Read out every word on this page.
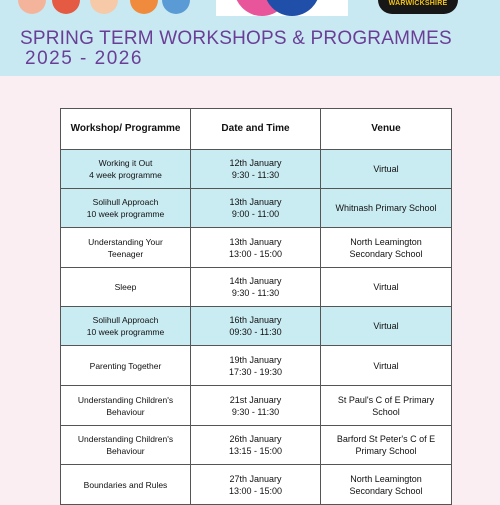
WARWICKSHIRE
SPRING TERM WORKSHOPS & PROGRAMMES
2025 - 2026
Workshop/ Programme	Date and Time	Venue

Working it Out
4 week programme	12th January
9:30 - 11:30	Virtual

Solihull Approach
10 week programme	13th January
9:00 - 11:00	Whitnash Primary School

Understanding Your
Teenager	13th January
13:00 - 15:00	North Leamington
Secondary School

Sleep	14th January
9:30 - 11:30	Virtual

Solihull Approach
10 week programme	16th January
09:30 - 11:30	Virtual

Parenting Together	19th January
17:30 - 19:30	Virtual

Understanding Children's
Behaviour	21st January
9:30 - 11:30	St Paul's C of E Primary
School

Understanding Children's
Behaviour	26th January
13:15 - 15:00	Barford St Peter's C of E
Primary School

Boundaries and Rules	27th January
13:00 - 15:00	North Leamington
Secondary School
